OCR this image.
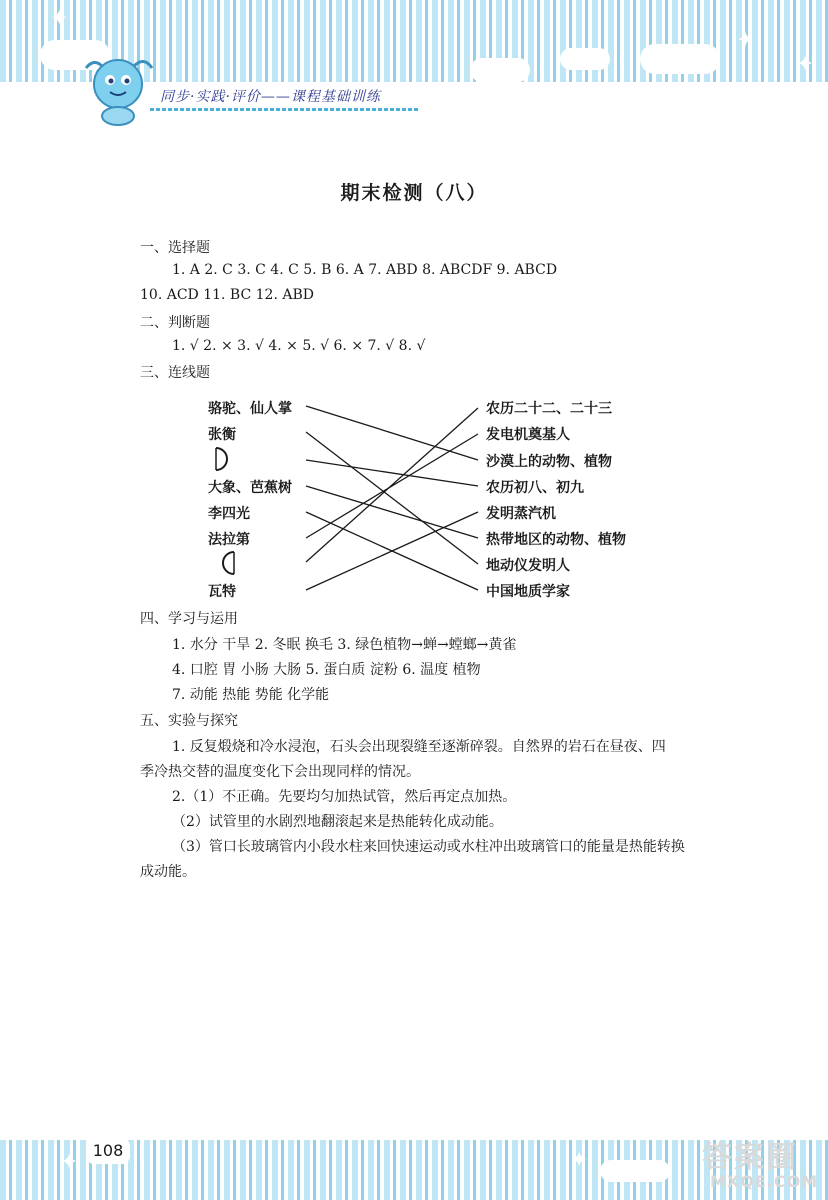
✦
✦
✦
同步·实践·评价——课程基础训练
期末检测（八）
一、选择题
1. A 2. C 3. C 4. C 5. B 6. A 7. ABD 8. ABCDF 9. ABCD
10. ACD 11. BC 12. ABD
二、判断题
1. √ 2. × 3. √ 4. × 5. √ 6. × 7. √ 8. √
三、连线题
骆驼、仙人掌
张衡
大象、芭蕉树
李四光
法拉第
瓦特
农历二十二、二十三
发电机奠基人
沙漠上的动物、植物
农历初八、初九
发明蒸汽机
热带地区的动物、植物
地动仪发明人
中国地质学家
四、学习与运用
1. 水分 干旱 2. 冬眠 换毛 3. 绿色植物→蝉→螳螂→黄雀
4. 口腔 胃 小肠 大肠 5. 蛋白质 淀粉 6. 温度 植物
7. 动能 热能 势能 化学能
五、实验与探究
1. 反复煅烧和冷水浸泡，石头会出现裂缝至逐渐碎裂。自然界的岩石在昼夜、四
季冷热交替的温度变化下会出现同样的情况。
2.（1）不正确。先要均匀加热试管，然后再定点加热。
（2）试管里的水剧烈地翻滚起来是热能转化成动能。
（3）管口长玻璃管内小段水柱来回快速运动或水柱冲出玻璃管口的能量是热能转换
成动能。
✦	✦
108	答案圈
MXQE.COM
